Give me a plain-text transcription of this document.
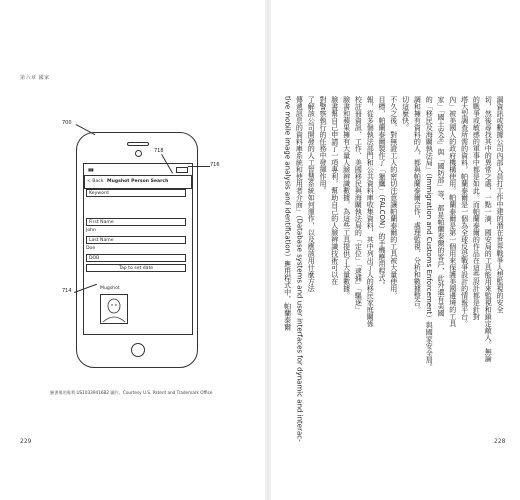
第六章 國家
700
718
716
714
▮▮▮
< Back Mugshot Person Search
Keyword
First Name
John
Last Name
Doe
DOB
Tap to set date
Mugshot
臉書專用專利 US10339416B2 圖片。Courtesy U.S. Patent and Trademark Office
229
漏資訊或數據公司內部人員打工作中建的潛在世界戰爭人想監視的安全
切，然後尋找其中的異常之處，一點一滴，國安局的工具能用來監視和鎖定敵人。無論
的戰爭或敏感的軍事中都是如此。而帕蘭泰爾的作品在這些設計都是針對
塔大型調查所需的資料，帕蘭泰爾是一個為全球反恐戰爭設計的情報平台。
內」被美國人的政府機構使用。帕蘭泰爾是第一個用來保護美國邊境的工具
家」「國土安全」與「國防部」等，都是帕蘭泰爾的客戶，此外還有美國
的「移民及海關執法局」（Immigration and Customs Enforcement）與國家安全局。
調和擁有資料的人，都與帕蘭泰爾合作，處理監視、分析和數據整合。
切這麼快。
不久之後，對無證工人的密切注意讓帕蘭泰爾的工具被大量使用，
目標，帕蘭泰爾製作了「獵鷹」（FALCON）的手機應用程式。
報，從多個執法部門和公共資料庫收集資料，其中列出了人的移民家庭關係
校註冊資訊、工作、美國移民與海關執法局的「定位」「逮捕」「驅逐」
臉書和蘋果擁有大量人臉辨識數據，為這些工具提供了大量數據。
臉書幫自己申請了一項專利，幫助自己的人臉辨識技術可以在
對警察執行的任務中發揮作用。
了解該公司開發的人工智慧系統如何運作，以及應該用什麼方法
傳遞訊息的資料庫系統和使用者介面」（Database systems and user interfaces for dynamic and interac-
tive mobile image analysis and identification）應用程式中，帕蘭泰爾
228
